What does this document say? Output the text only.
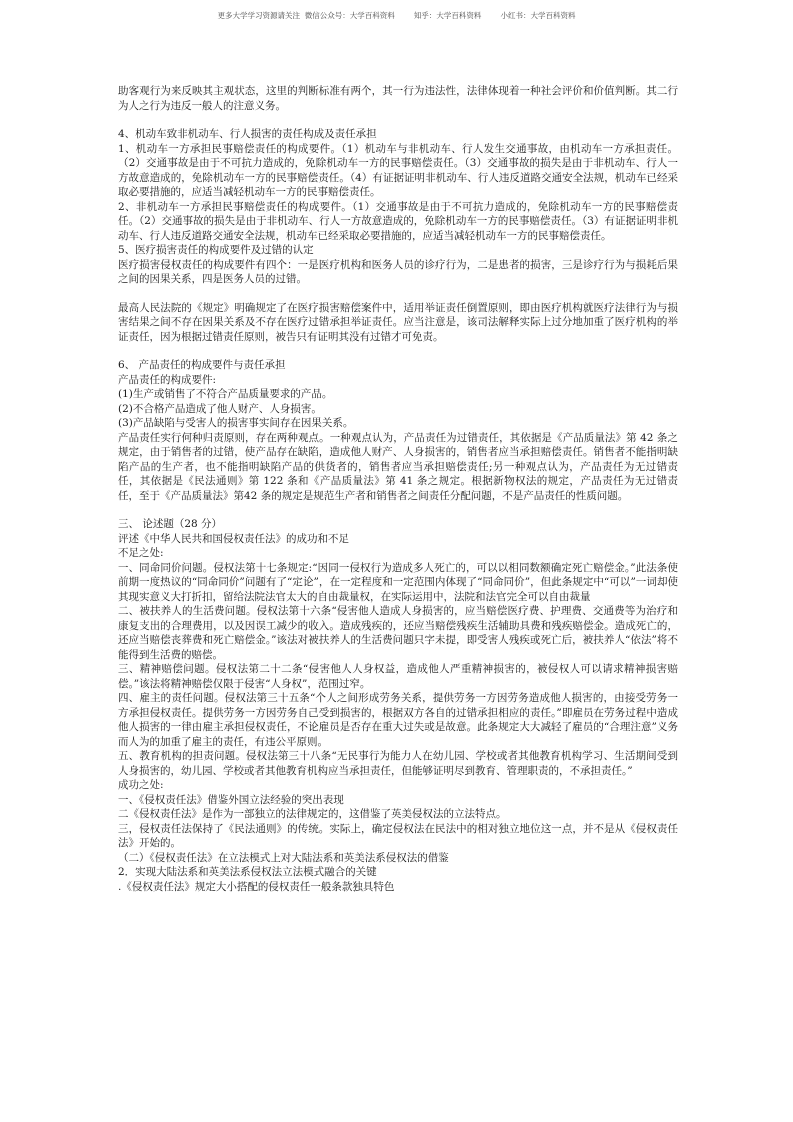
更多大学学习资源请关注  微信公众号：大学百科资料        知乎：大学百科资料        小红书：大学百科资料

助客观行为来反映其主观状态，这里的判断标准有两个，其一行为违法性，法律体现着一种社会评价和价值判断。其二行为人之行为违反一般人的注意义务。

4、机动车致非机动车、行人损害的责任构成及责任承担

1、机动车一方承担民事赔偿责任的构成要件。（1）机动车与非机动车、行人发生交通事故，由机动车一方承担责任。（2）交通事故是由于不可抗力造成的，免除机动车一方的民事赔偿责任。（3）交通事故的损失是由于非机动车、行人一方故意造成的，免除机动车一方的民事赔偿责任。（4）有证据证明非机动车、行人违反道路交通安全法规，机动车已经采取必要措施的，应适当减轻机动车一方的民事赔偿责任。

2、非机动车一方承担民事赔偿责任的构成要件。（1）交通事故是由于不可抗力造成的，免除机动车一方的民事赔偿责任。（2）交通事故的损失是由于非机动车、行人一方故意造成的，免除机动车一方的民事赔偿责任。（3）有证据证明非机动车、行人违反道路交通安全法规，机动车已经采取必要措施的，应适当减轻机动车一方的民事赔偿责任。

5、医疗损害责任的构成要件及过错的认定

医疗损害侵权责任的构成要件有四个：一是医疗机构和医务人员的诊疗行为，二是患者的损害，三是诊疗行为与损耗后果之间的因果关系，四是医务人员的过错。

最高人民法院的《规定》明确规定了在医疗损害赔偿案件中，适用举证责任倒置原则，即由医疗机构就医疗法律行为与损害结果之间不存在因果关系及不存在医疗过错承担举证责任。应当注意是，该司法解释实际上过分地加重了医疗机构的举证责任，因为根据过错责任原则，被告只有证明其没有过错才可免责。

6、 产品责任的构成要件与责任承担

产品责任的构成要件:

(1)生产或销售了不符合产品质量要求的产品。

(2)不合格产品造成了他人财产、人身损害。

(3)产品缺陷与受害人的损害事实间存在因果关系。

产品责任实行何种归责原则，存在两种观点。一种观点认为，产品责任为过错责任，其依据是《产品质量法》第 42 条之规定，由于销售者的过错，使产品存在缺陷，造成他人财产、人身损害的，销售者应当承担赔偿责任。销售者不能指明缺陷产品的生产者，也不能指明缺陷产品的供货者的，销售者应当承担赔偿责任;另一种观点认为，产品责任为无过错责任，其依据是《民法通则》第 122 条和《产品质量法》第 41 条之规定。根据新物权法的规定，产品责任为无过错责任，至于《产品质量法》第42 条的规定是规范生产者和销售者之间责任分配问题，不是产品责任的性质问题。

三、 论述题（28 分）

评述《中华人民共和国侵权责任法》的成功和不足

不足之处:

一、同命同价问题。侵权法第十七条规定:“因同一侵权行为造成多人死亡的，可以以相同数额确定死亡赔偿金。”此法条使前期一度热议的“同命同价”问题有了“定论”，在一定程度和一定范围内体现了“同命同价”，但此条规定中“可以”一词却使其现实意义大打折扣，留给法院法官太大的自由裁量权，在实际运用中，法院和法官完全可以自由裁量

二、被扶养人的生活费问题。侵权法第十六条“侵害他人造成人身损害的，应当赔偿医疗费、护理费、交通费等为治疗和康复支出的合理费用，以及因误工减少的收入。造成残疾的，还应当赔偿残疾生活辅助具费和残疾赔偿金。造成死亡的，还应当赔偿丧葬费和死亡赔偿金。”该法对被扶养人的生活费问题只字未提，即受害人残疾或死亡后，被扶养人“依法”将不能得到生活费的赔偿。

三、精神赔偿问题。侵权法第二十二条“侵害他人人身权益，造成他人严重精神损害的，被侵权人可以请求精神损害赔偿。”该法将精神赔偿仅限于侵害“人身权”，范围过窄。

四、雇主的责任问题。侵权法第三十五条“个人之间形成劳务关系，提供劳务一方因劳务造成他人损害的，由接受劳务一方承担侵权责任。提供劳务一方因劳务自己受到损害的，根据双方各自的过错承担相应的责任。”即雇员在劳务过程中造成他人损害的一律由雇主承担侵权责任，不论雇员是否存在重大过失或是故意。此条规定大大减轻了雇员的“合理注意”义务而人为的加重了雇主的责任，有违公平原则。

五、教育机构的担责问题。侵权法第三十八条“无民事行为能力人在幼儿园、学校或者其他教育机构学习、生活期间受到人身损害的，幼儿园、学校或者其他教育机构应当承担责任，但能够证明尽到教育、管理职责的，不承担责任。”

成功之处:

一、《侵权责任法》借鉴外国立法经验的突出表现

二《侵权责任法》是作为一部独立的法律规定的，这借鉴了英美侵权法的立法特点。

三，侵权责任法保持了《民法通则》的传统。实际上，确定侵权法在民法中的相对独立地位这一点，并不是从《侵权责任法》开始的。

（二）《侵权责任法》在立法模式上对大陆法系和英美法系侵权法的借鉴

2．实现大陆法系和英美法系侵权法立法模式融合的关键

.《侵权责任法》规定大小搭配的侵权责任一般条款独具特色
